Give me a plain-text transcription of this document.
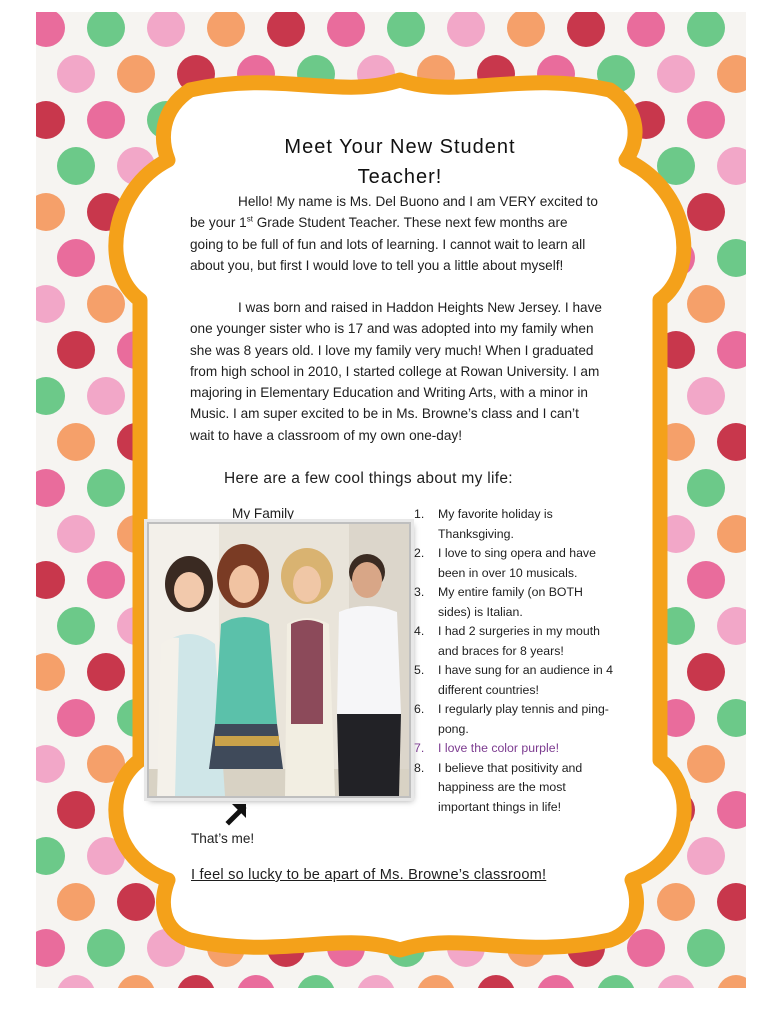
Meet Your New Student
Teacher!
Hello! My name is Ms. Del Buono and I am VERY excited to be your 1st Grade Student Teacher. These next few months are going to be full of fun and lots of learning. I cannot wait to learn all about you, but first I would love to tell you a little about myself!
I was born and raised in Haddon Heights New Jersey. I have one younger sister who is 17 and was adopted into my family when she was 8 years old. I love my family very much! When I graduated from high school in 2010, I started college at Rowan University. I am majoring in Elementary Education and Writing Arts, with a minor in Music. I am super excited to be in Ms. Browne’s class and I can’t wait to have a classroom of my own one-day!
Here are a few cool things about my life:
My Family
That’s me!
1. My favorite holiday is Thanksgiving.
2. I love to sing opera and have been in over 10 musicals.
3. My entire family (on BOTH sides) is Italian.
4. I had 2 surgeries in my mouth and braces for 8 years!
5. I have sung for an audience in 4 different countries!
6. I regularly play tennis and ping-pong.
7. I love the color purple!
8. I believe that positivity and happiness are the most important things in life!
I feel so lucky to be apart of Ms. Browne’s classroom!
